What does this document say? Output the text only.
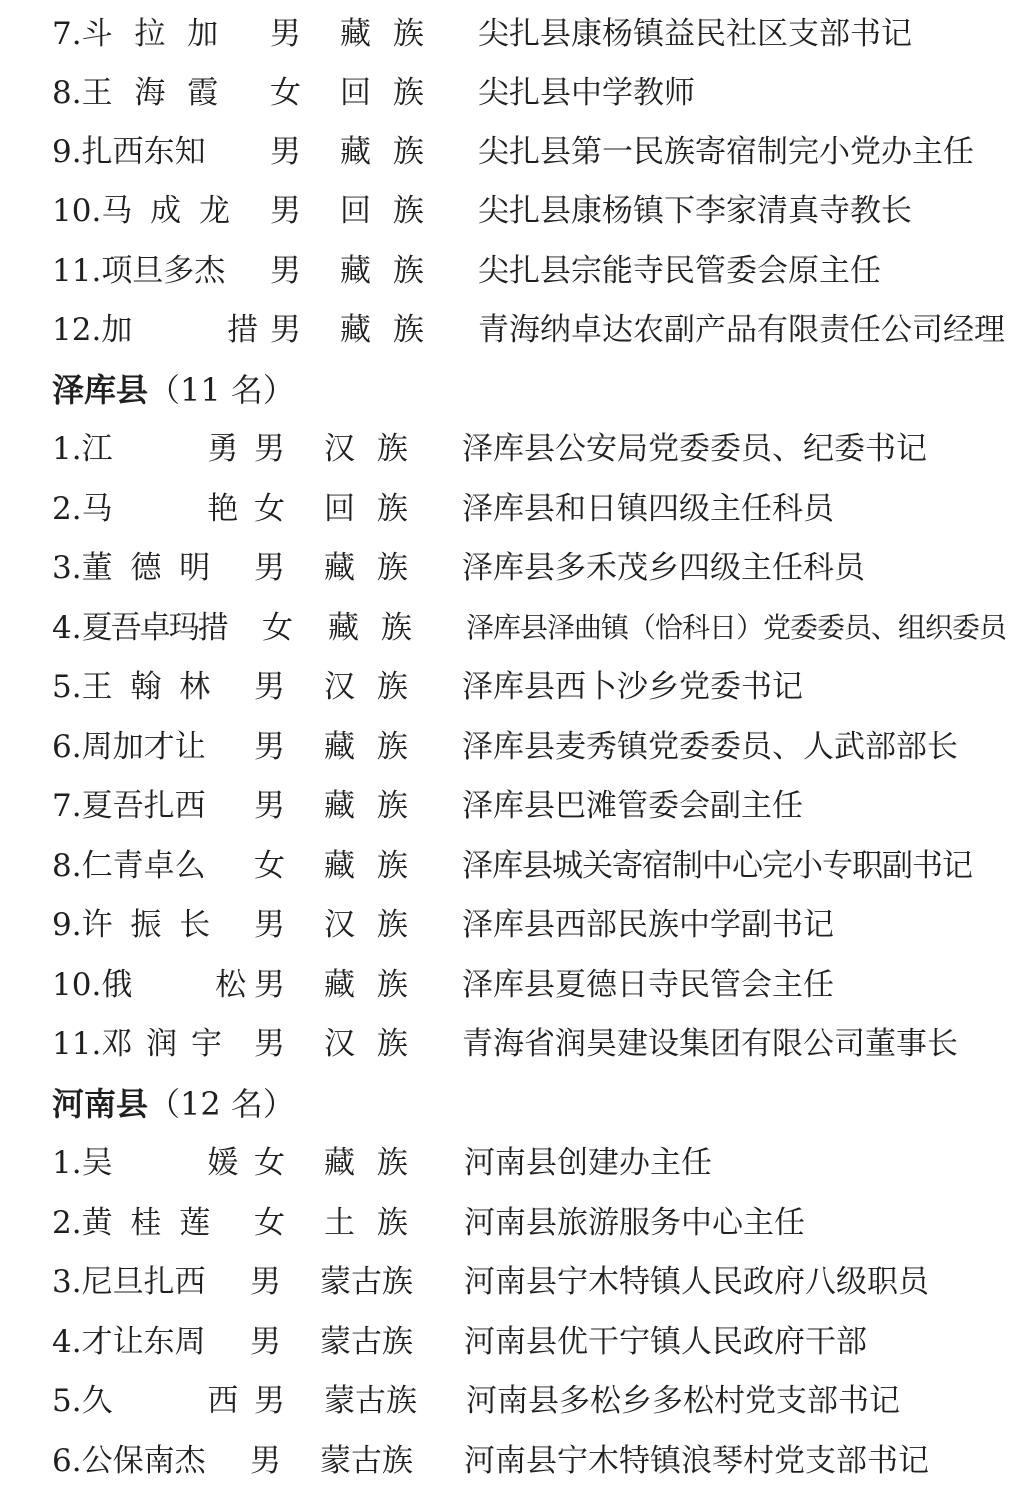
7.斗 拉 加 男 藏 族 尖扎县康杨镇益民社区支部书记
8.王 海 霞 女 回 族 尖扎县中学教师
9.扎西东知 男 藏 族 尖扎县第一民族寄宿制完小党办主任
10.马 成 龙 男 回 族 尖扎县康杨镇下李家清真寺教长
11.项旦多杰 男 藏 族 尖扎县宗能寺民管委会原主任
12.加　 措
男 藏 族 青海纳卓达农副产品有限责任公司经理
泽库县（11 名）
1.江　 勇
男 汉 族 泽库县公安局党委委员、纪委书记
2.马　 艳
女 回 族 泽库县和日镇四级主任科员
3.董 德 明 男 藏 族 泽库县多禾茂乡四级主任科员
4.夏吾卓玛措 女 藏 族 泽库县泽曲镇（恰科日）党委委员、组织委员
5.王 翰 林 男 汉 族 泽库县西卜沙乡党委书记
6.周加才让 男 藏 族 泽库县麦秀镇党委委员、人武部部长
7.夏吾扎西 男 藏 族 泽库县巴滩管委会副主任
8.仁青卓么 女 藏 族 泽库县城关寄宿制中心完小专职副书记
9.许 振 长 男 汉 族 泽库县西部民族中学副书记
10.俄　 松
男 藏 族 泽库县夏德日寺民管会主任
11.邓 润 宇 男 汉 族 青海省润昊建设集团有限公司董事长
河南县（12 名）
1.吴　 媛
女 藏 族 河南县创建办主任
2.黄 桂 莲 女 土 族 河南县旅游服务中心主任
3.尼旦扎西 男 蒙古族 河南县宁木特镇人民政府八级职员
4.才让东周 男 蒙古族 河南县优干宁镇人民政府干部
5.久　 西
男 蒙古族 河南县多松乡多松村党支部书记
6.公保南杰 男 蒙古族 河南县宁木特镇浪琴村党支部书记
